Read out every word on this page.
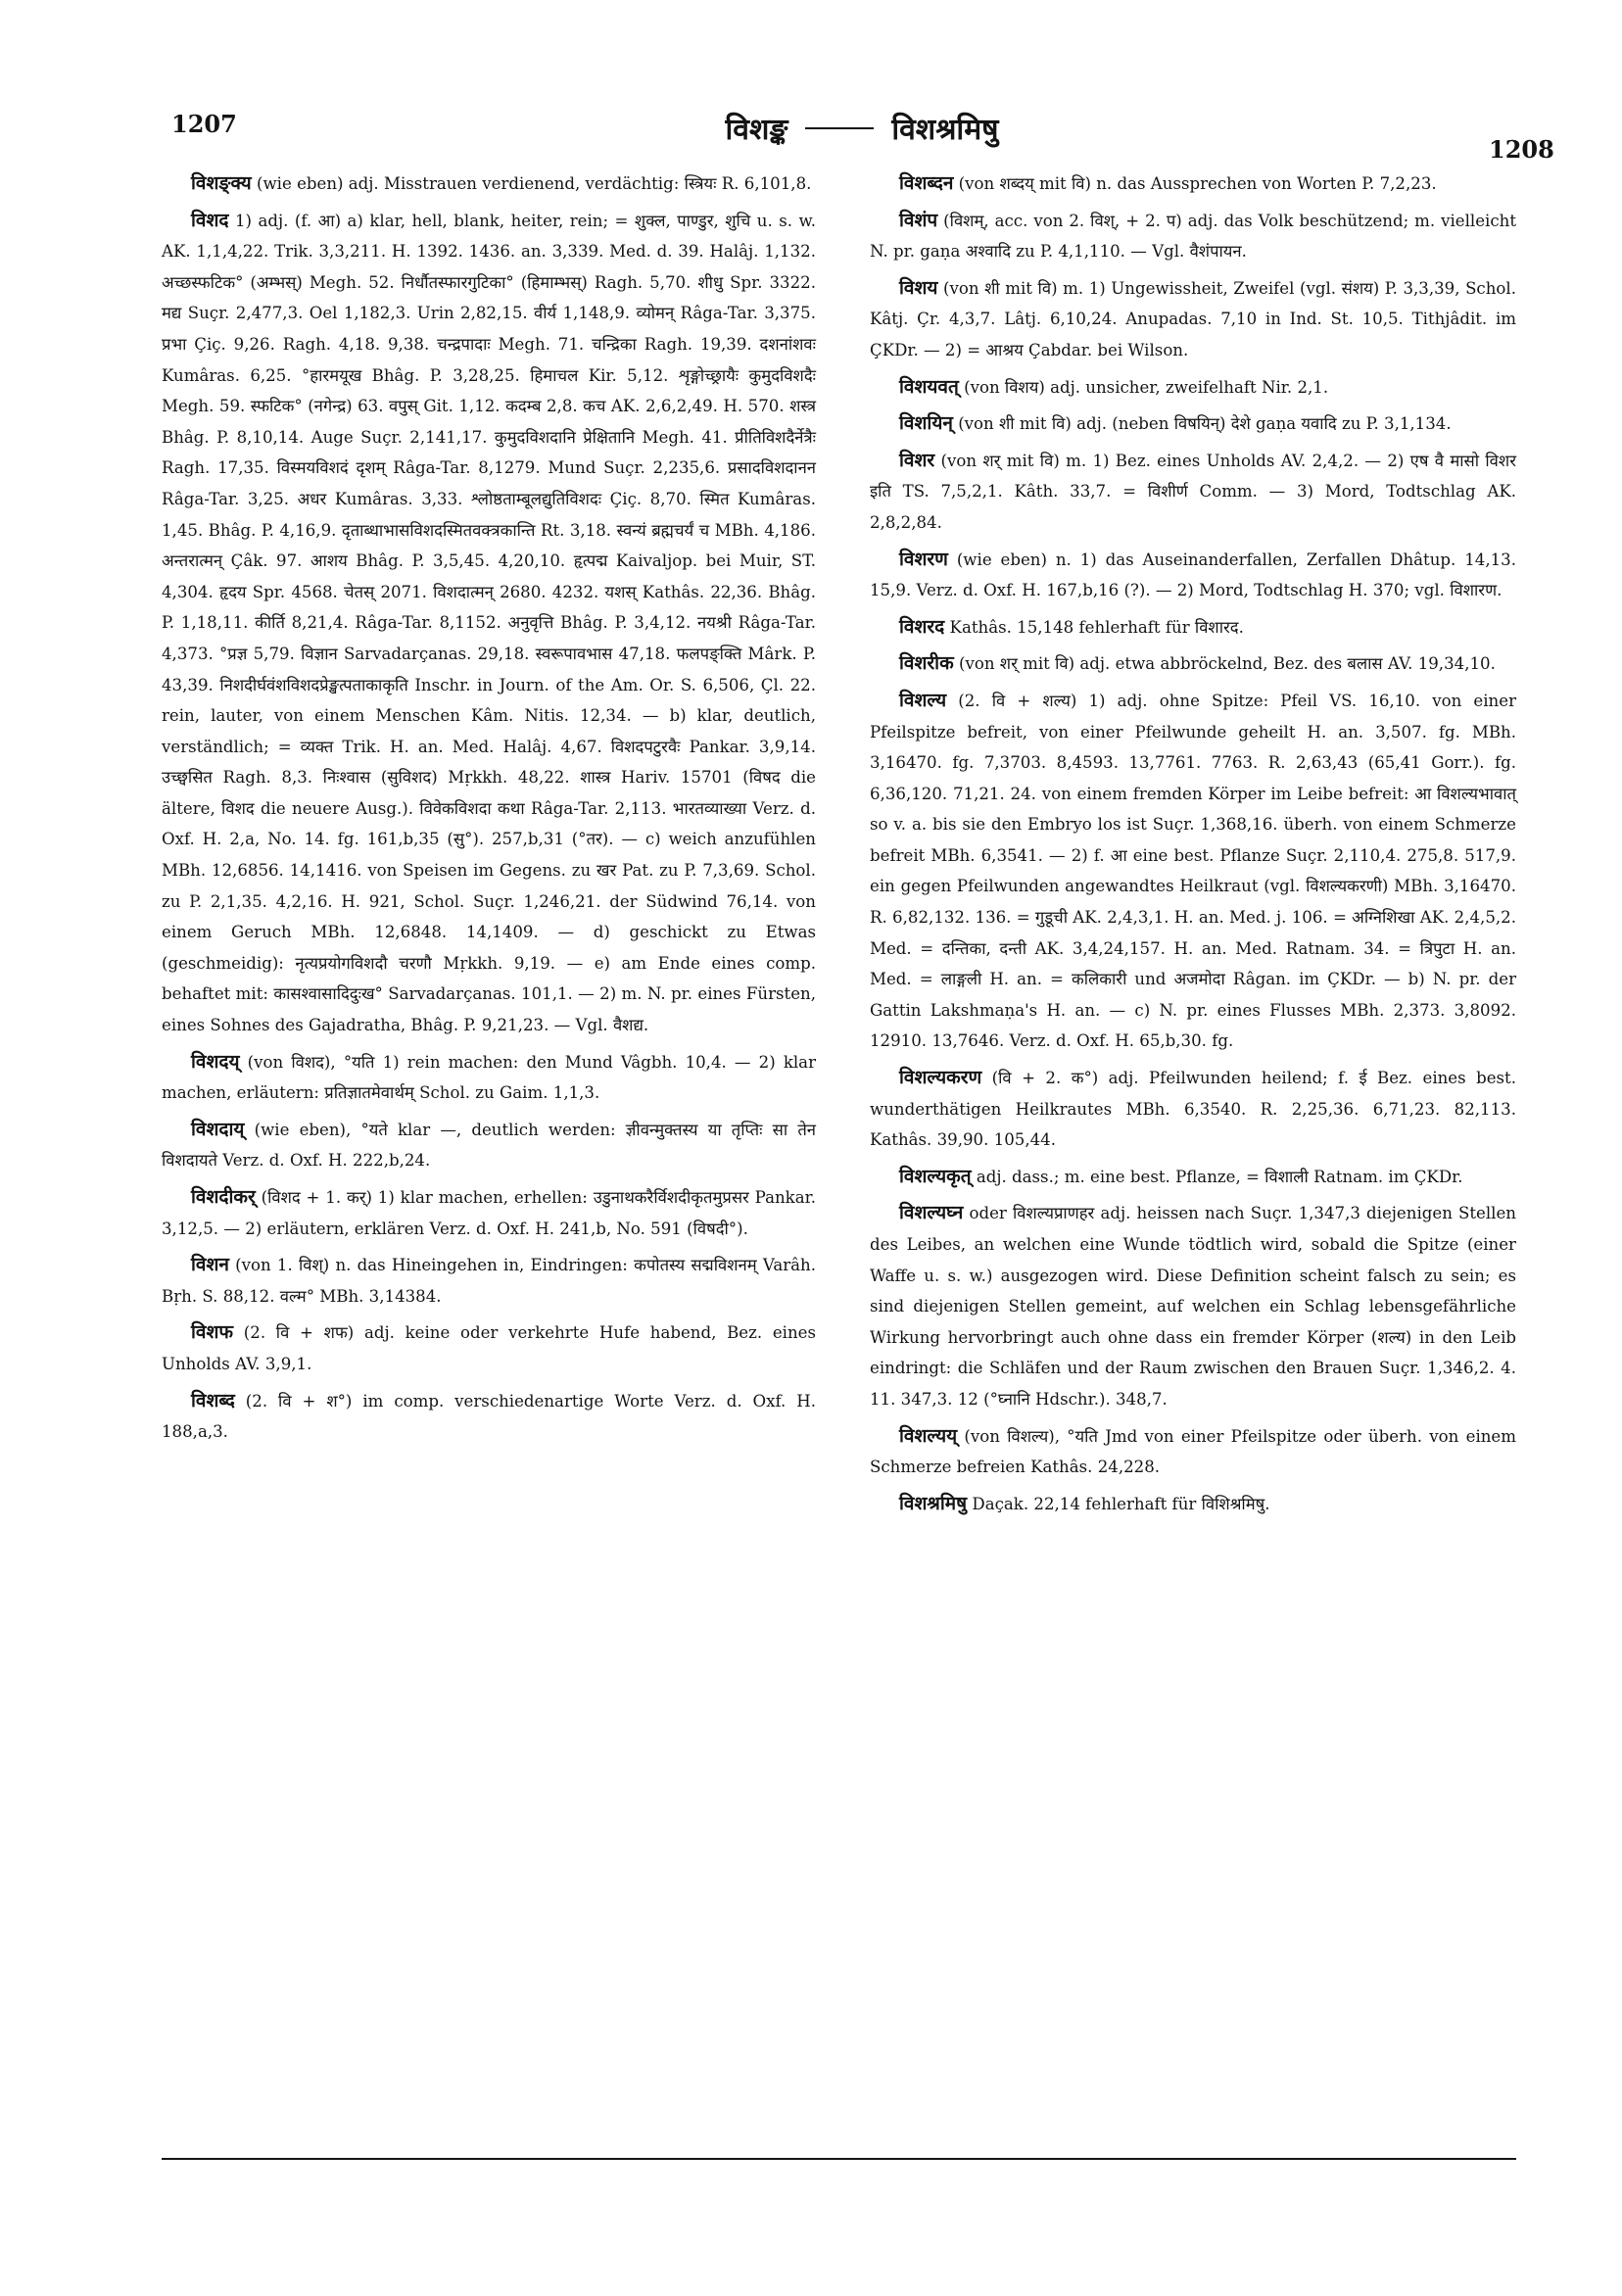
1207	विशङ्क	विशश्रमिषु
1208

विशङ्क्य (wie eben) adj. Misstrauen verdienend, verdächtig: स्त्रियः R. 6,101,8.

विशद 1) adj. (f. आ) a) klar, hell, blank, heiter, rein; = शुक्ल, पाण्डुर, शुचि u. s. w. AK. 1,1,4,22. Trik. 3,3,211. H. 1392. 1436. an. 3,339. Med. d. 39. Halâj. 1,132. अच्छस्फटिक° (अम्भस्) Megh. 52. निर्धौतस्फारगुटिका° (हिमाम्भस्) Ragh. 5,70. शीधु Spr. 3322. मद्य Suçr. 2,477,3. Oel 1,182,3. Urin 2,82,15. वीर्य 1,148,9. व्योमन् Râga-Tar. 3,375. प्रभा Çiç. 9,26. Ragh. 4,18. 9,38. चन्द्रपादाः Megh. 71. चन्द्रिका Ragh. 19,39. दशनांशवः Kumâras. 6,25. °हारमयूख Bhâg. P. 3,28,25. हिमाचल Kir. 5,12. शृङ्गोच्छ्रायैः कुमुदविशदैः Megh. 59. स्फटिक° (नगेन्द्र) 63. वपुस् Git. 1,12. कदम्ब 2,8. कच AK. 2,6,2,49. H. 570. शस्त्र Bhâg. P. 8,10,14. Auge Suçr. 2,141,17. कुमुदविशदानि प्रेक्षितानि Megh. 41. प्रीतिविशदैर्नेत्रैः Ragh. 17,35. विस्मयविशदं दृशम् Râga-Tar. 8,1279. Mund Suçr. 2,235,6. प्रसादविशदानन Râga-Tar. 3,25. अधर Kumâras. 3,33. श्लोष्ठताम्बूलद्युतिविशदः Çiç. 8,70. स्मित Kumâras. 1,45. Bhâg. P. 4,16,9. दृताब्धाभासविशदस्मितवक्त्रकान्ति Rt. 3,18. स्वन्यं ब्रह्मचर्यं च MBh. 4,186. अन्तरात्मन् Çâk. 97. आशय Bhâg. P. 3,5,45. 4,20,10. हृत्पद्म Kaivaljop. bei Muir, ST. 4,304. हृदय Spr. 4568. चेतस् 2071. विशदात्मन् 2680. 4232. यशस् Kathâs. 22,36. Bhâg. P. 1,18,11. कीर्ति 8,21,4. Râga-Tar. 8,1152. अनुवृत्ति Bhâg. P. 3,4,12. नयश्री Râga-Tar. 4,373. °प्रज्ञ 5,79. विज्ञान Sarvadarçanas. 29,18. स्वरूपावभास 47,18. फलपङ्क्ति Mârk. P. 43,39. निशदीर्घवंशविशदप्रेङ्खत्पताकाकृति Inschr. in Journ. of the Am. Or. S. 6,506, Çl. 22. rein, lauter, von einem Menschen Kâm. Nitis. 12,34. — b) klar, deutlich, verständlich; = व्यक्त Trik. H. an. Med. Halâj. 4,67. विशदपटुरवैः Pankar. 3,9,14. उच्छ्वसित Ragh. 8,3. निःश्वास (सुविशद) Mṛkkh. 48,22. शास्त्र Hariv. 15701 (विषद die ältere, विशद die neuere Ausg.). विवेकविशदा कथा Râga-Tar. 2,113. भारतव्याख्या Verz. d. Oxf. H. 2,a, No. 14. fg. 161,b,35 (सु°). 257,b,31 (°तर). — c) weich anzufühlen MBh. 12,6856. 14,1416. von Speisen im Gegens. zu खर Pat. zu P. 7,3,69. Schol. zu P. 2,1,35. 4,2,16. H. 921, Schol. Suçr. 1,246,21. der Südwind 76,14. von einem Geruch MBh. 12,6848. 14,1409. — d) geschickt zu Etwas (geschmeidig): नृत्यप्रयोगविशदौ चरणौ Mṛkkh. 9,19. — e) am Ende eines comp. behaftet mit: कासश्वासादिदुःख° Sarvadarçanas. 101,1. — 2) m. N. pr. eines Fürsten, eines Sohnes des Gajadratha, Bhâg. P. 9,21,23. — Vgl. वैशद्य.

विशदय् (von विशद), °यति 1) rein machen: den Mund Vâgbh. 10,4. — 2) klar machen, erläutern: प्रतिज्ञातमेवार्थम् Schol. zu Gaim. 1,1,3.

विशदाय् (wie eben), °यते klar —, deutlich werden: ज्ञीवन्मुक्तस्य या तृप्तिः सा तेन विशदायते Verz. d. Oxf. H. 222,b,24.

विशदीकर् (विशद + 1. कर्) 1) klar machen, erhellen: उडुनाथकरैर्विशदीकृतमुप्रसर Pankar. 3,12,5. — 2) erläutern, erklären Verz. d. Oxf. H. 241,b, No. 591 (विषदी°).

विशन (von 1. विश्) n. das Hineingehen in, Eindringen: कपोतस्य सद्मविशनम् Varâh. Bṛh. S. 88,12. वल्म° MBh. 3,14384.

विशफ (2. वि + शफ) adj. keine oder verkehrte Hufe habend, Bez. eines Unholds AV. 3,9,1.

विशब्द (2. वि + श°) im comp. verschiedenartige Worte Verz. d. Oxf. H. 188,a,3.

विशब्दन (von शब्दय् mit वि) n. das Aussprechen von Worten P. 7,2,23.

विशंप (विशम्, acc. von 2. विश्, + 2. प) adj. das Volk beschützend; m. vielleicht N. pr. gaṇa अश्वादि zu P. 4,1,110. — Vgl. वैशंपायन.

विशय (von शी mit वि) m. 1) Ungewissheit, Zweifel (vgl. संशय) P. 3,3,39, Schol. Kâtj. Çr. 4,3,7. Lâtj. 6,10,24. Anupadas. 7,10 in Ind. St. 10,5. Tithjâdit. im ÇKDr. — 2) = आश्रय Çabdar. bei Wilson.

विशयवत् (von विशय) adj. unsicher, zweifelhaft Nir. 2,1.

विशयिन् (von शी mit वि) adj. (neben विषयिन्) देशे gaṇa यवादि zu P. 3,1,134.

विशर (von शर् mit वि) m. 1) Bez. eines Unholds AV. 2,4,2. — 2) एष वै मासो विशर इति TS. 7,5,2,1. Kâth. 33,7. = विशीर्ण Comm. — 3) Mord, Todtschlag AK. 2,8,2,84.

विशरण (wie eben) n. 1) das Auseinanderfallen, Zerfallen Dhâtup. 14,13. 15,9. Verz. d. Oxf. H. 167,b,16 (?). — 2) Mord, Todtschlag H. 370; vgl. विशारण.

विशरद Kathâs. 15,148 fehlerhaft für विशारद.

विशरीक (von शर् mit वि) adj. etwa abbröckelnd, Bez. des बलास AV. 19,34,10.

विशल्य (2. वि + शल्य) 1) adj. ohne Spitze: Pfeil VS. 16,10. von einer Pfeilspitze befreit, von einer Pfeilwunde geheilt H. an. 3,507. fg. MBh. 3,16470. fg. 7,3703. 8,4593. 13,7761. 7763. R. 2,63,43 (65,41 Gorr.). fg. 6,36,120. 71,21. 24. von einem fremden Körper im Leibe befreit: आ विशल्यभावात् so v. a. bis sie den Embryo los ist Suçr. 1,368,16. überh. von einem Schmerze befreit MBh. 6,3541. — 2) f. आ eine best. Pflanze Suçr. 2,110,4. 275,8. 517,9. ein gegen Pfeilwunden angewandtes Heilkraut (vgl. विशल्यकरणी) MBh. 3,16470. R. 6,82,132. 136. = गुडूची AK. 2,4,3,1. H. an. Med. j. 106. = अग्निशिखा AK. 2,4,5,2. Med. = दन्तिका, दन्ती AK. 3,4,24,157. H. an. Med. Ratnam. 34. = त्रिपुटा H. an. Med. = लाङ्गली H. an. = कलिकारी und अजमोदा Râgan. im ÇKDr. — b) N. pr. der Gattin Lakshmaṇa's H. an. — c) N. pr. eines Flusses MBh. 2,373. 3,8092. 12910. 13,7646. Verz. d. Oxf. H. 65,b,30. fg.

विशल्यकरण (वि + 2. क°) adj. Pfeilwunden heilend; f. ई Bez. eines best. wunderthätigen Heilkrautes MBh. 6,3540. R. 2,25,36. 6,71,23. 82,113. Kathâs. 39,90. 105,44.

विशल्यकृत् adj. dass.; m. eine best. Pflanze, = विशाली Ratnam. im ÇKDr.

विशल्यघ्न oder विशल्यप्राणहर adj. heissen nach Suçr. 1,347,3 diejenigen Stellen des Leibes, an welchen eine Wunde tödtlich wird, sobald die Spitze (einer Waffe u. s. w.) ausgezogen wird. Diese Definition scheint falsch zu sein; es sind diejenigen Stellen gemeint, auf welchen ein Schlag lebensgefährliche Wirkung hervorbringt auch ohne dass ein fremder Körper (शल्य) in den Leib eindringt: die Schläfen und der Raum zwischen den Brauen Suçr. 1,346,2. 4. 11. 347,3. 12 (°घ्नानि Hdschr.). 348,7.

विशल्यय् (von विशल्य), °यति Jmd von einer Pfeilspitze oder überh. von einem Schmerze befreien Kathâs. 24,228.

विशश्रमिषु Daçak. 22,14 fehlerhaft für विशिश्रमिषु.
